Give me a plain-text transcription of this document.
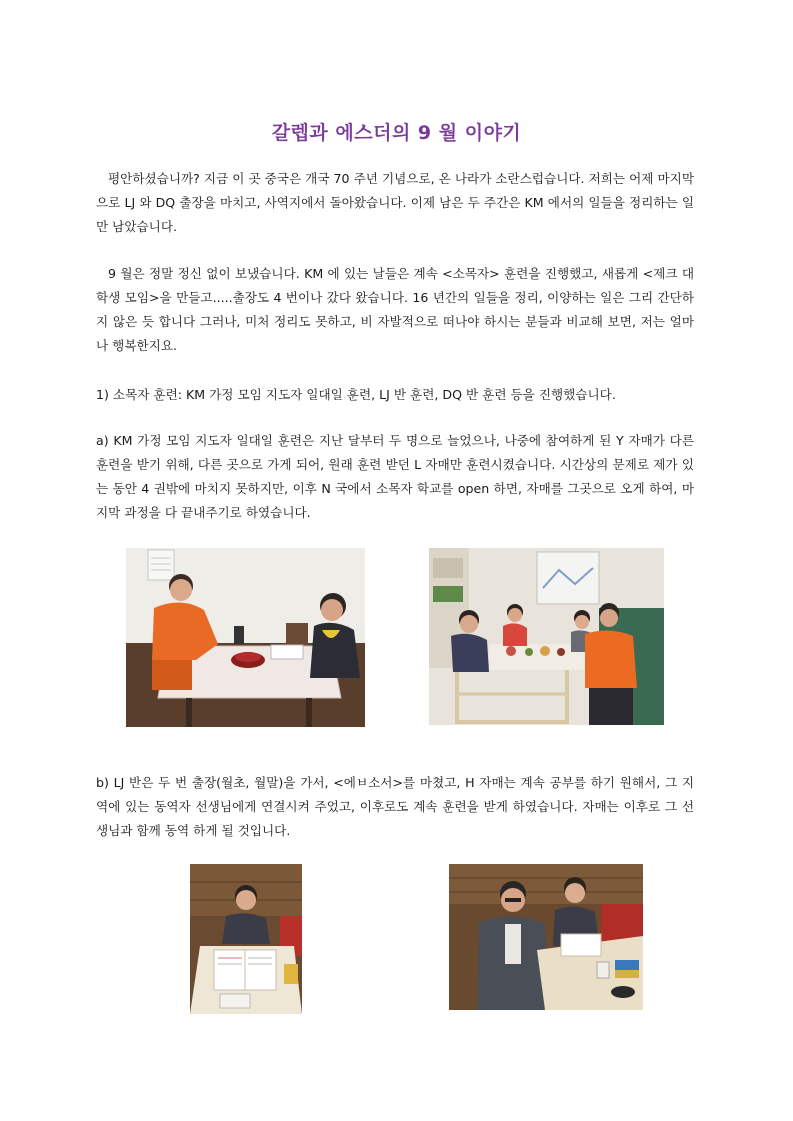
갈렙과 에스더의 9 월 이야기

평안하셨습니까? 지금 이 곳 중국은 개국 70 주년 기념으로, 온 나라가 소란스럽습니다. 저희는 어제 마지막으로 LJ 와 DQ 출장을 마치고, 사역지에서 돌아왔습니다. 이제 남은 두 주간은 KM 에서의 일들을 정리하는 일만 남았습니다.

9 월은 정말 정신 없이 보냈습니다. KM 에 있는 날들은 계속 <소목자> 훈련을 진행했고, 새롭게 <제크 대학생 모임>을 만들고.....출장도 4 번이나 갔다 왔습니다. 16 년간의 일들을 정리, 이양하는 일은 그리 간단하지 않은 듯 합니다 그러나, 미처 정리도 못하고, 비 자발적으로 떠나야 하시는 분들과 비교해 보면, 저는 얼마나 행복한지요.

1) 소목자 훈련: KM 가정 모임 지도자 일대일 훈련, LJ 반 훈련, DQ 반 훈련 등을 진행했습니다.

a) KM 가정 모임 지도자 일대일 훈련은 지난 달부터 두 명으로 늘었으나, 나중에 참여하게 된 Y 자매가 다른 훈련을 받기 위해, 다른 곳으로 가게 되어, 원래 훈련 받던 L 자매만 훈련시켰습니다. 시간상의 문제로 제가 있는 동안 4 권밖에 마치지 못하지만, 이후 N 국에서 소목자 학교를 open 하면, 자매를 그곳으로 오게 하여, 마지막 과정을 다 끝내주기로 하였습니다.

b) LJ 반은 두 번 출장(월초, 월말)을 가서, <에ㅂ소서>를 마쳤고, H 자매는 계속 공부를 하기 원해서, 그 지역에 있는 동역자 선생님에게 연결시켜 주었고, 이후로도 계속 훈련을 받게 하였습니다. 자매는 이후로 그 선생님과 함께 동역 하게 될 것입니다.
